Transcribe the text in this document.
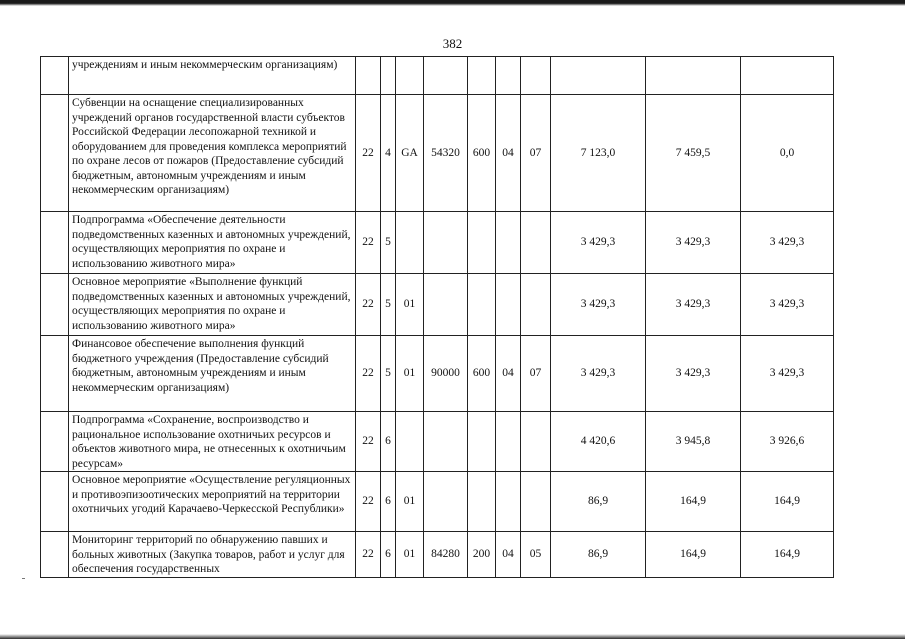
382
	учреждениям и иным некоммерческим организациям)										
	Субвенции на оснащение специализированных учреждений органов государственной власти субъектов Российской Федерации лесопожарной техникой и оборудованием для проведения комплекса мероприятий по охране лесов от пожаров (Предоставление субсидий бюджетным, автономным учреждениям и иным некоммерческим организациям)	22	4	GA	54320	600	04	07	7 123,0	7 459,5	0,0
	Подпрограмма «Обеспечение деятельности подведомственных казенных и автономных учреждений, осуществляющих мероприятия по охране и использованию животного мира»	22	5						3 429,3	3 429,3	3 429,3
	Основное мероприятие «Выполнение функций подведомственных казенных и автономных учреждений, осуществляющих мероприятия по охране и использованию животного мира»	22	5	01					3 429,3	3 429,3	3 429,3
	Финансовое обеспечение выполнения функций бюджетного учреждения (Предоставление субсидий бюджетным, автономным учреждениям и иным некоммерческим организациям)	22	5	01	90000	600	04	07	3 429,3	3 429,3	3 429,3
	Подпрограмма «Сохранение, воспроизводство и рациональное использование охотничьих ресурсов и объектов животного мира, не отнесенных к охотничьим ресурсам»	22	6						4 420,6	3 945,8	3 926,6
	Основное мероприятие «Осуществление регуляционных и противоэпизоотических мероприятий на территории охотничьих угодий Карачаево-Черкесской Республики»	22	6	01					86,9	164,9	164,9
	Мониторинг территорий по обнаружению павших и больных животных (Закупка товаров, работ и услуг для обеспечения государственных	22	6	01	84280	200	04	05	86,9	164,9	164,9
